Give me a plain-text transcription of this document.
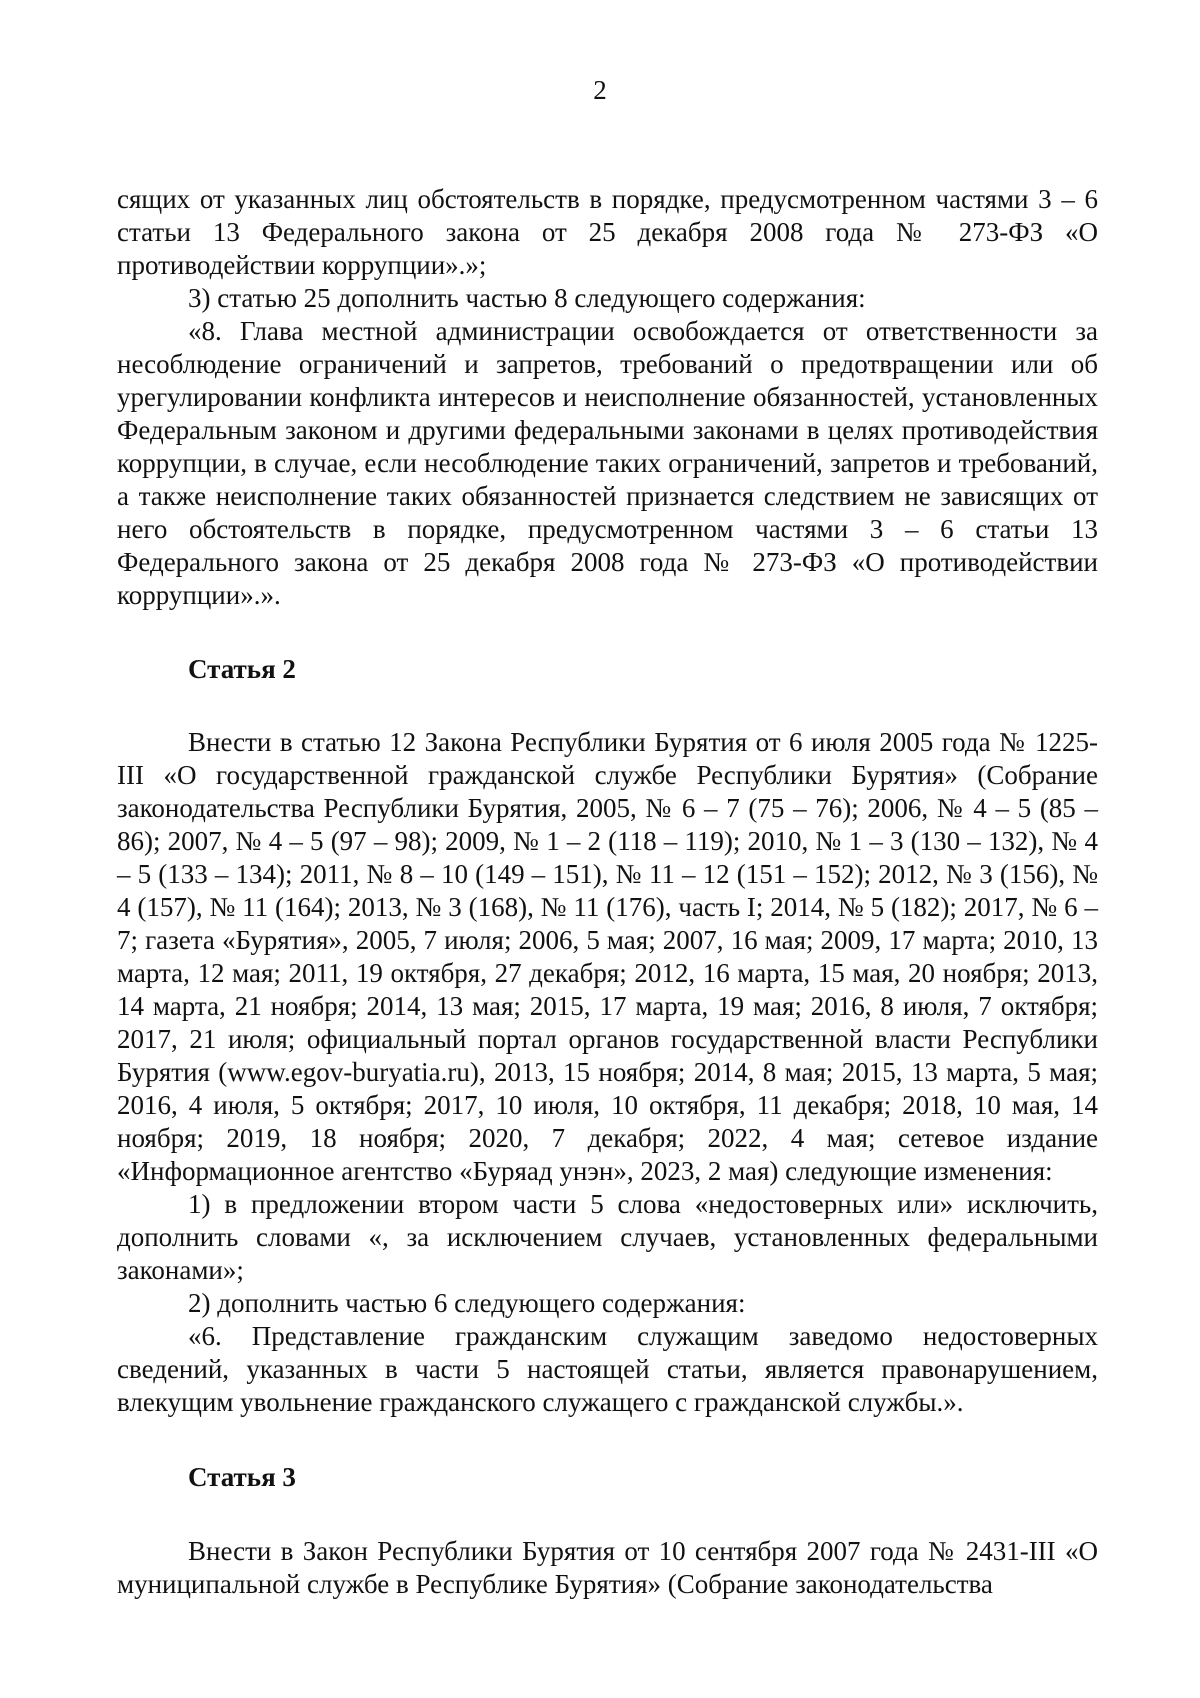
2

сящих от указанных лиц обстоятельств в порядке, предусмотренном частями 3 – 6 статьи 13 Федерального закона от 25 декабря 2008 года № 273-ФЗ «О противодействии коррупции».»;

3) статью 25 дополнить частью 8 следующего содержания:

«8. Глава местной администрации освобождается от ответственности за несоблюдение ограничений и запретов, требований о предотвращении или об урегулировании конфликта интересов и неисполнение обязанностей, установленных Федеральным законом и другими федеральными законами в целях противодействия коррупции, в случае, если несоблюдение таких ограничений, запретов и требований, а также неисполнение таких обязанностей признается следствием не зависящих от него обстоятельств в порядке, предусмотренном частями 3 – 6 статьи 13 Федерального закона от 25 декабря 2008 года № 273-ФЗ «О противодействии коррупции».».

Статья 2

Внести в статью 12 Закона Республики Бурятия от 6 июля 2005 года № 1225-III «О государственной гражданской службе Республики Бурятия» (Собрание законодательства Республики Бурятия, 2005, № 6 – 7 (75 – 76); 2006, № 4 – 5 (85 – 86); 2007, № 4 – 5 (97 – 98); 2009, № 1 – 2 (118 – 119); 2010, № 1 – 3 (130 – 132), № 4 – 5 (133 – 134); 2011, № 8 – 10 (149 – 151), № 11 – 12 (151 – 152); 2012, № 3 (156), № 4 (157), № 11 (164); 2013, № 3 (168), № 11 (176), часть I; 2014, № 5 (182); 2017, № 6 – 7; газета «Бурятия», 2005, 7 июля; 2006, 5 мая; 2007, 16 мая; 2009, 17 марта; 2010, 13 марта, 12 мая; 2011, 19 октября, 27 декабря; 2012, 16 марта, 15 мая, 20 ноября; 2013, 14 марта, 21 ноября; 2014, 13 мая; 2015, 17 марта, 19 мая; 2016, 8 июля, 7 октября; 2017, 21 июля; официальный портал органов государственной власти Республики Бурятия (www.egov-buryatia.ru), 2013, 15 ноября; 2014, 8 мая; 2015, 13 марта, 5 мая; 2016, 4 июля, 5 октября; 2017, 10 июля, 10 октября, 11 декабря; 2018, 10 мая, 14 ноября; 2019, 18 ноября; 2020, 7 декабря; 2022, 4 мая; сетевое издание «Информационное агентство «Буряад унэн», 2023, 2 мая) следующие изменения:

1) в предложении втором части 5 слова «недостоверных или» исключить, дополнить словами «, за исключением случаев, установленных федеральными законами»;

2) дополнить частью 6 следующего содержания:

«6. Представление гражданским служащим заведомо недостоверных сведений, указанных в части 5 настоящей статьи, является правонарушением, влекущим увольнение гражданского служащего с гражданской службы.».

Статья 3

Внести в Закон Республики Бурятия от 10 сентября 2007 года № 2431-III «О муниципальной службе в Республике Бурятия» (Собрание законодательства
